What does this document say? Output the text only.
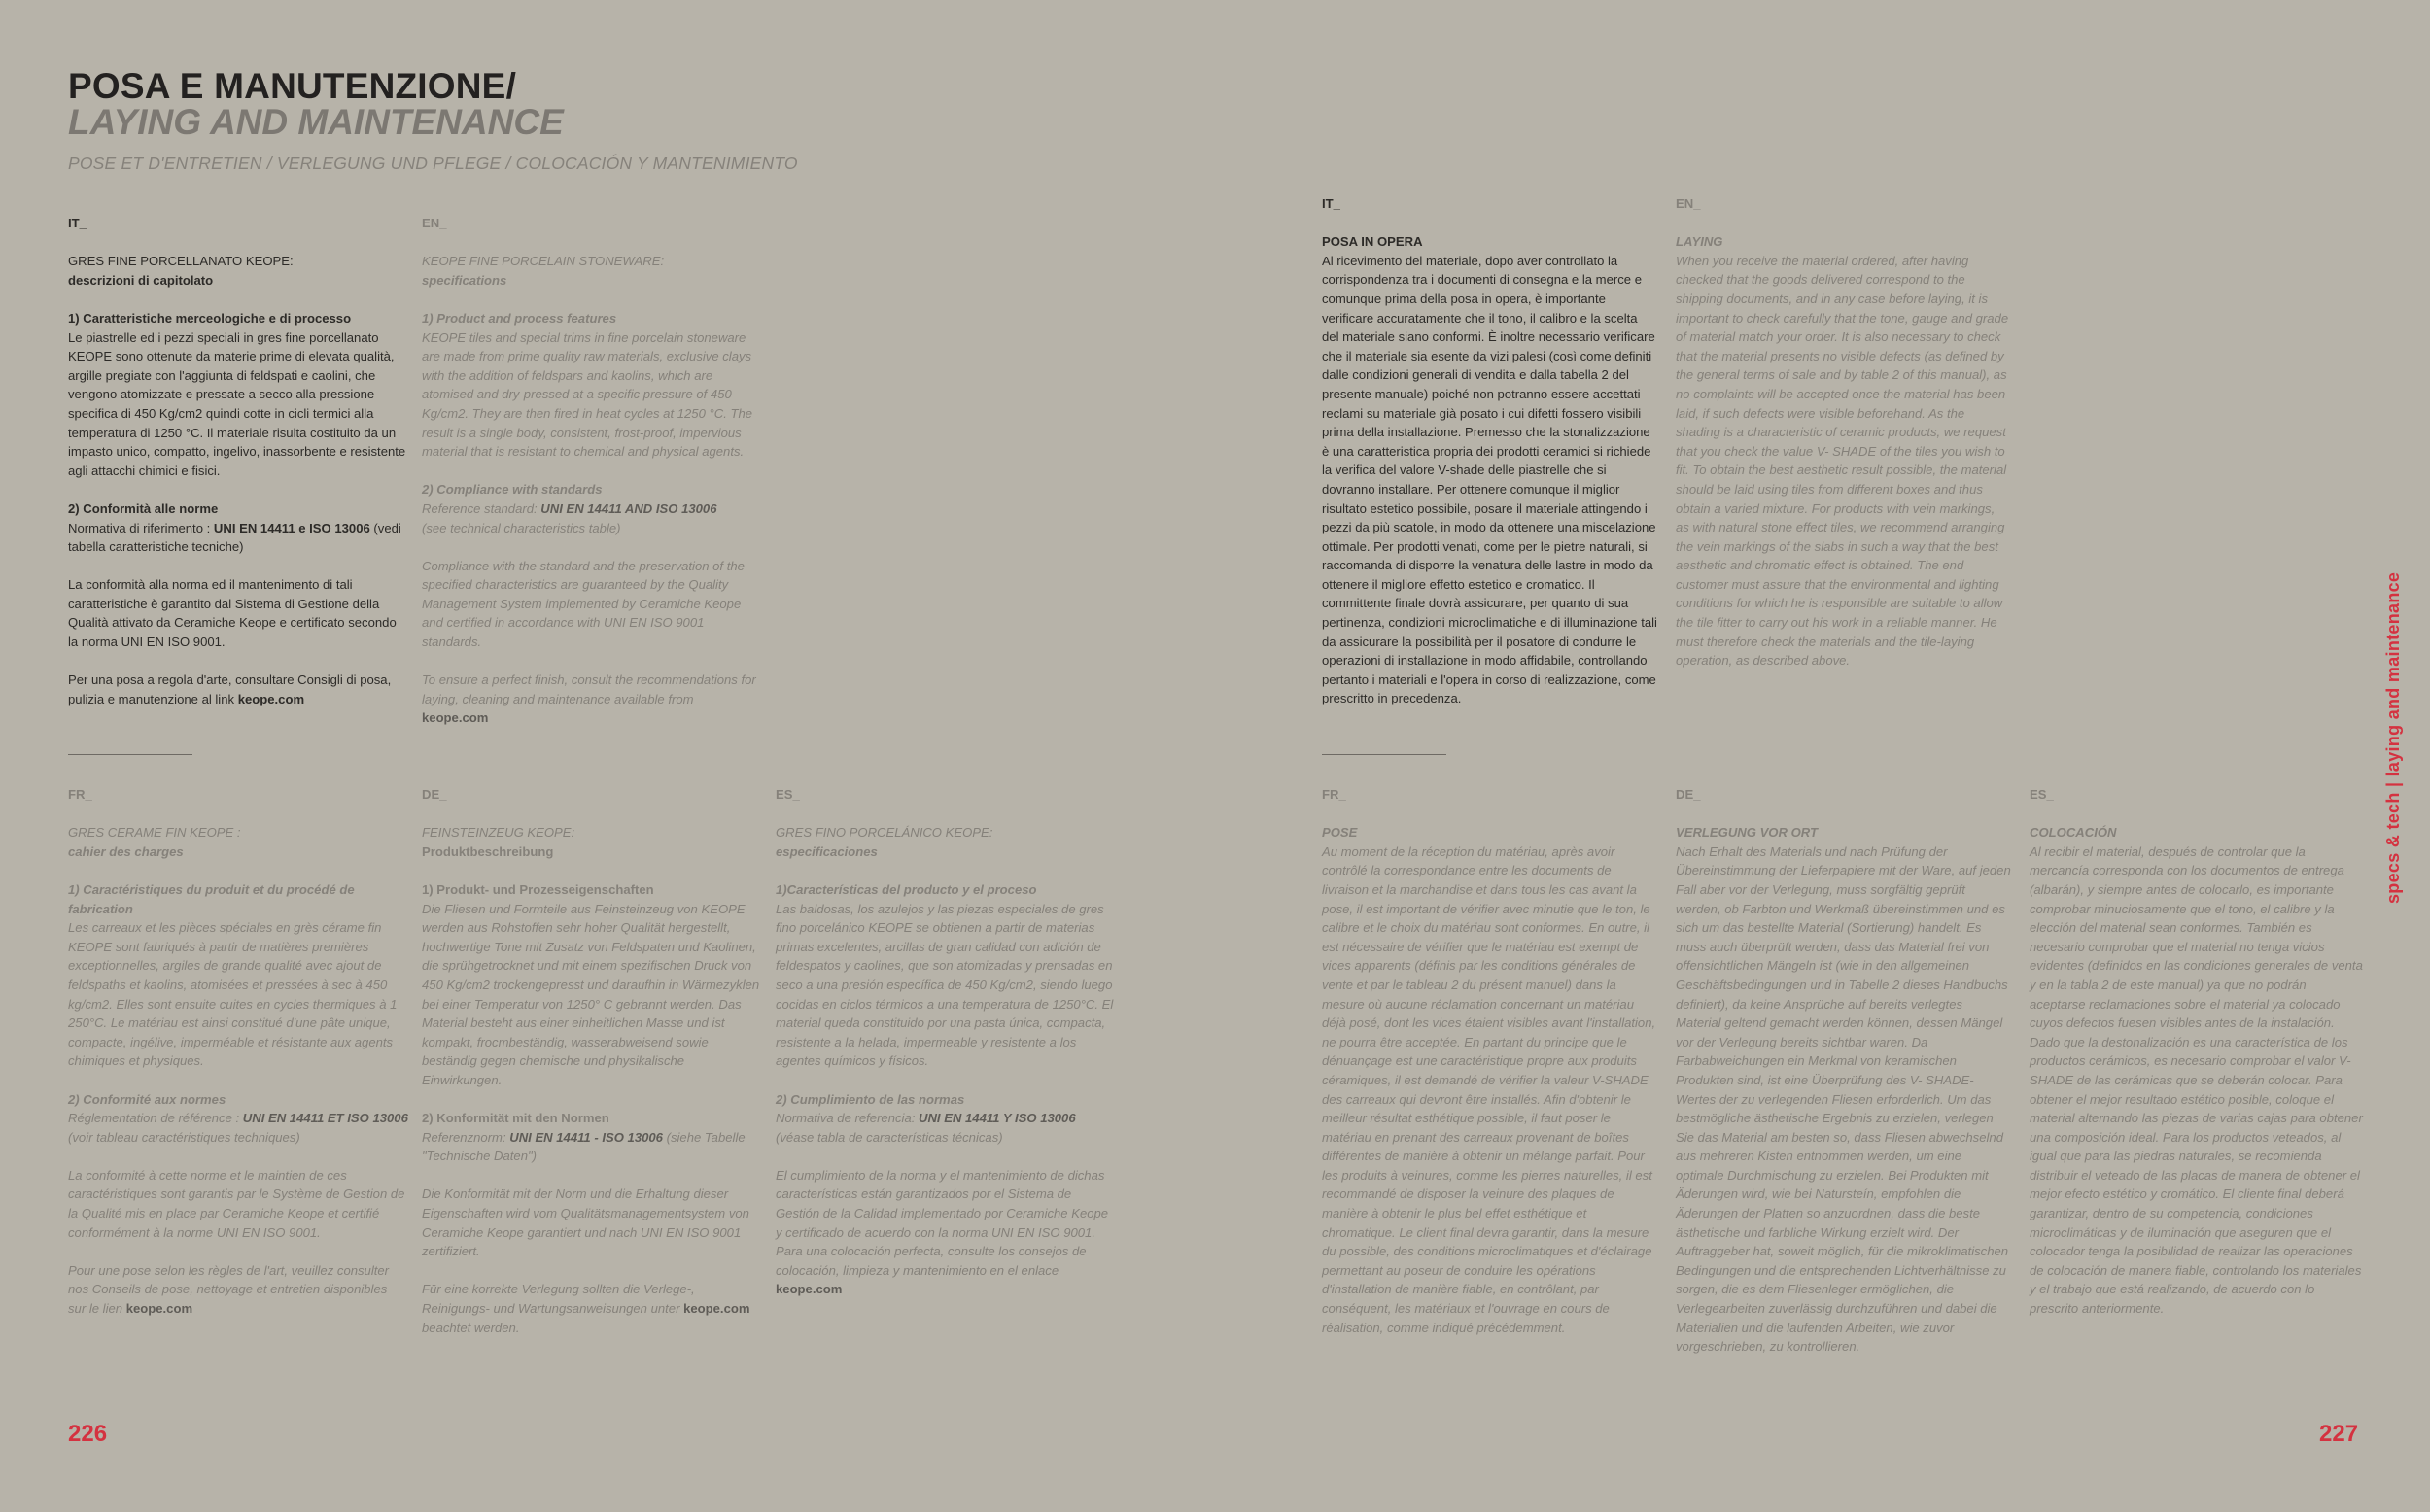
POSA E MANUTENZIONE/
LAYING AND MAINTENANCE
POSE ET D'ENTRETIEN / VERLEGUNG UND PFLEGE / COLOCACIÓN Y MANTENIMIENTO

IT_

GRES FINE PORCELLANATO KEOPE:

descrizioni di capitolato

1) Caratteristiche merceologiche e di processo

Le piastrelle ed i pezzi speciali in gres fine porcellanato KEOPE sono ottenute da materie prime di elevata qualità, argille pregiate con l'aggiunta di feldspati e caolini, che vengono atomizzate e pressate a secco alla pressione specifica di 450 Kg/cm2 quindi cotte in cicli termici alla temperatura di 1250 °C. Il materiale risulta costituito da un impasto unico, compatto, ingelivo, inassorbente e resistente agli attacchi chimici e fisici.

2) Conformità alle norme

Normativa di riferimento : UNI EN 14411 e ISO 13006 (vedi tabella caratteristiche tecniche)

La conformità alla norma ed il mantenimento di tali caratteristiche è garantito dal Sistema di Gestione della Qualità attivato da Ceramiche Keope e certificato secondo la norma UNI EN ISO 9001.

Per una posa a regola d'arte, consultare Consigli di posa, pulizia e manutenzione al link keope.com

EN_

KEOPE FINE PORCELAIN STONEWARE:

specifications

1) Product and process features

KEOPE tiles and special trims in fine porcelain stoneware are made from prime quality raw materials, exclusive clays with the addition of feldspars and kaolins, which are atomised and dry-pressed at a specific pressure of 450 Kg/cm2. They are then fired in heat cycles at 1250 °C. The result is a single body, consistent, frost-proof, impervious material that is resistant to chemical and physical agents.

2) Compliance with standards

Reference standard: UNI EN 14411 AND ISO 13006
(see technical characteristics table)

Compliance with the standard and the preservation of the specified characteristics are guaranteed by the Quality Management System implemented by Ceramiche Keope and certified in accordance with UNI EN ISO 9001 standards.

To ensure a perfect finish, consult the recommendations for laying, cleaning and maintenance available from keope.com

FR_

GRES CERAME FIN KEOPE :

cahier des charges

1) Caractéristiques du produit et du procédé de fabrication

Les carreaux et les pièces spéciales en grès cérame fin KEOPE sont fabriqués à partir de matières premières exceptionnelles, argiles de grande qualité avec ajout de feldspaths et kaolins, atomisées et pressées à sec à 450 kg/cm2. Elles sont ensuite cuites en cycles thermiques à 1 250°C. Le matériau est ainsi constitué d'une pâte unique, compacte, ingélive, imperméable et résistante aux agents chimiques et physiques.

2) Conformité aux normes

Réglementation de référence : UNI EN 14411 ET ISO 13006 (voir tableau caractéristiques techniques)

La conformité à cette norme et le maintien de ces caractéristiques sont garantis par le Système de Gestion de la Qualité mis en place par Ceramiche Keope et certifié conformément à la norme UNI EN ISO 9001.

Pour une pose selon les règles de l'art, veuillez consulter nos Conseils de pose, nettoyage et entretien disponibles sur le lien keope.com

DE_

FEINSTEINZEUG KEOPE:

Produktbeschreibung

1) Produkt- und Prozesseigenschaften

Die Fliesen und Formteile aus Feinsteinzeug von KEOPE werden aus Rohstoffen sehr hoher Qualität hergestellt, hochwertige Tone mit Zusatz von Feldspaten und Kaolinen, die sprühgetrocknet und mit einem spezifischen Druck von 450 Kg/cm2 trockengepresst und daraufhin in Wärmezyklen bei einer Temperatur von 1250° C gebrannt werden. Das Material besteht aus einer einheitlichen Masse und ist kompakt, froстbeständig, wasserabweisend sowie beständig gegen chemische und physikalische Einwirkungen.

2) Konformität mit den Normen

Referenznorm: UNI EN 14411 - ISO 13006 (siehe Tabelle "Technische Daten")

Die Konformität mit der Norm und die Erhaltung dieser Eigenschaften wird vom Qualitätsmanagementsystem von Ceramiche Keope garantiert und nach UNI EN ISO 9001 zertifiziert.

Für eine korrekte Verlegung sollten die Verlege-, Reinigungs- und Wartungsanweisungen unter keope.com beachtet werden.

ES_

GRES FINO PORCELÁNICO KEOPE:

especificaciones

1)Características del producto y el proceso

Las baldosas, los azulejos y las piezas especiales de gres fino porcelánico KEOPE se obtienen a partir de materias primas excelentes, arcillas de gran calidad con adición de feldespatos y caolines, que son atomizadas y prensadas en seco a una presión específica de 450 Kg/cm2, siendo luego cocidas en ciclos térmicos a una temperatura de 1250°C. El material queda constituido por una pasta única, compacta, resistente a la helada, impermeable y resistente a los agentes químicos y físicos.

2) Cumplimiento de las normas

Normativa de referencia: UNI EN 14411 Y ISO 13006 (véase tabla de características técnicas)

El cumplimiento de la norma y el mantenimiento de dichas características están garantizados por el Sistema de Gestión de la Calidad implementado por Ceramiche Keope y certificado de acuerdo con la norma UNI EN ISO 9001.

Para una colocación perfecta, consulte los consejos de colocación, limpieza y mantenimiento en el enlace keope.com

IT_

POSA IN OPERA

Al ricevimento del materiale, dopo aver controllato la corrispondenza tra i documenti di consegna e la merce e comunque prima della posa in opera, è importante verificare accuratamente che il tono, il calibro e la scelta del materiale siano conformi. È inoltre necessario verificare che il materiale sia esente da vizi palesi (così come definiti dalle condizioni generali di vendita e dalla tabella 2 del presente manuale) poiché non potranno essere accettati reclami su materiale già posato i cui difetti fossero visibili prima della installazione. Premesso che la stonalizzazione è una caratteristica propria dei prodotti ceramici si richiede la verifica del valore V-shade delle piastrelle che si dovranno installare. Per ottenere comunque il miglior risultato estetico possibile, posare il materiale attingendo i pezzi da più scatole, in modo da ottenere una miscelazione ottimale. Per prodotti venati, come per le pietre naturali, si raccomanda di disporre la venatura delle lastre in modo da ottenere il migliore effetto estetico e cromatico. Il committente finale dovrà assicurare, per quanto di sua pertinenza, condizioni microclimatiche e di illuminazione tali da assicurare la possibilità per il posatore di condurre le operazioni di installazione in modo affidabile, controllando pertanto i materiali e l'opera in corso di realizzazione, come prescritto in precedenza.

EN_

LAYING

When you receive the material ordered, after having checked that the goods delivered correspond to the shipping documents, and in any case before laying, it is important to check carefully that the tone, gauge and grade of material match your order. It is also necessary to check that the material presents no visible defects (as defined by the general terms of sale and by table 2 of this manual), as no complaints will be accepted once the material has been laid, if such defects were visible beforehand. As the shading is a characteristic of ceramic products, we request that you check the value V- SHADE of the tiles you wish to fit. To obtain the best aesthetic result possible, the material should be laid using tiles from different boxes and thus obtain a varied mixture. For products with vein markings, as with natural stone effect tiles, we recommend arranging the vein markings of the slabs in such a way that the best aesthetic and chromatic effect is obtained. The end customer must assure that the environmental and lighting conditions for which he is responsible are suitable to allow the tile fitter to carry out his work in a reliable manner. He must therefore check the materials and the tile-laying operation, as described above.

FR_

POSE

Au moment de la réception du matériau, après avoir contrôlé la correspondance entre les documents de livraison et la marchandise et dans tous les cas avant la pose, il est important de vérifier avec minutie que le ton, le calibre et le choix du matériau sont conformes. En outre, il est nécessaire de vérifier que le matériau est exempt de vices apparents (définis par les conditions générales de vente et par le tableau 2 du présent manuel) dans la mesure où aucune réclamation concernant un matériau déjà posé, dont les vices étaient visibles avant l'installation, ne pourra être acceptée. En partant du principe que le dénuançage est une caractéristique propre aux produits céramiques, il est demandé de vérifier la valeur V-SHADE des carreaux qui devront être installés. Afin d'obtenir le meilleur résultat esthétique possible, il faut poser le matériau en prenant des carreaux provenant de boîtes différentes de manière à obtenir un mélange parfait. Pour les produits à veinures, comme les pierres naturelles, il est recommandé de disposer la veinure des plaques de manière à obtenir le plus bel effet esthétique et chromatique. Le client final devra garantir, dans la mesure du possible, des conditions microclimatiques et d'éclairage permettant au poseur de conduire les opérations d'installation de manière fiable, en contrôlant, par conséquent, les matériaux et l'ouvrage en cours de réalisation, comme indiqué précédemment.

DE_

VERLEGUNG VOR ORT

Nach Erhalt des Materials und nach Prüfung der Übereinstimmung der Lieferpapiere mit der Ware, auf jeden Fall aber vor der Verlegung, muss sorgfältig geprüft werden, ob Farbton und Werkmaß übereinstimmen und es sich um das bestellte Material (Sortierung) handelt. Es muss auch überprüft werden, dass das Material frei von offensichtlichen Mängeln ist (wie in den allgemeinen Geschäftsbedingungen und in Tabelle 2 dieses Handbuchs definiert), da keine Ansprüche auf bereits verlegtes Material geltend gemacht werden können, dessen Mängel vor der Verlegung bereits sichtbar waren. Da Farbabweichungen ein Merkmal von keramischen Produkten sind, ist eine Überprüfung des V- SHADE- Wertes der zu verlegenden Fliesen erforderlich. Um das bestmögliche ästhetische Ergebnis zu erzielen, verlegen Sie das Material am besten so, dass Fliesen abwechselnd aus mehreren Kisten entnommen werden, um eine optimale Durchmischung zu erzielen. Bei Produkten mit Äderungen wird, wie bei Natursteín, empfohlen die Äderungen der Platten so anzuordnen, dass die beste ästhetische und farbliche Wirkung erzielt wird. Der Auftraggeber hat, soweit möglich, für die mikroklimatischen Bedingungen und die entsprechenden Lichtverhältnisse zu sorgen, die es dem Fliesenleger ermöglichen, die Verlegearbeiten zuverlässig durchzuführen und dabei die Materialien und die laufenden Arbeiten, wie zuvor vorgeschrieben, zu kontrollieren.

ES_

COLOCACIÓN

Al recibir el material, después de controlar que la mercancía corresponda con los documentos de entrega (albarán), y siempre antes de colocarlo, es importante comprobar minuciosamente que el tono, el calibre y la elección del material sean conformes. También es necesario comprobar que el material no tenga vicios evidentes (definidos en las condiciones generales de venta y en la tabla 2 de este manual) ya que no podrán aceptarse reclamaciones sobre el material ya colocado cuyos defectos fuesen visibles antes de la instalación. Dado que la destonalización es una característica de los productos cerámicos, es necesario comprobar el valor V-SHADE de las cerámicas que se deberán colocar. Para obtener el mejor resultado estético posible, coloque el material alternando las piezas de varias cajas para obtener una composición ideal. Para los productos veteados, al igual que para las piedras naturales, se recomienda distribuir el veteado de las placas de manera de obtener el mejor efecto estético y cromático. El cliente final deberá garantizar, dentro de su competencia, condiciones microclimáticas y de iluminación que aseguren que el colocador tenga la posibilidad de realizar las operaciones de colocación de manera fiable, controlando los materiales y el trabajo que está realizando, de acuerdo con lo prescrito anteriormente.

specs & tech | laying and maintenance
226	227
